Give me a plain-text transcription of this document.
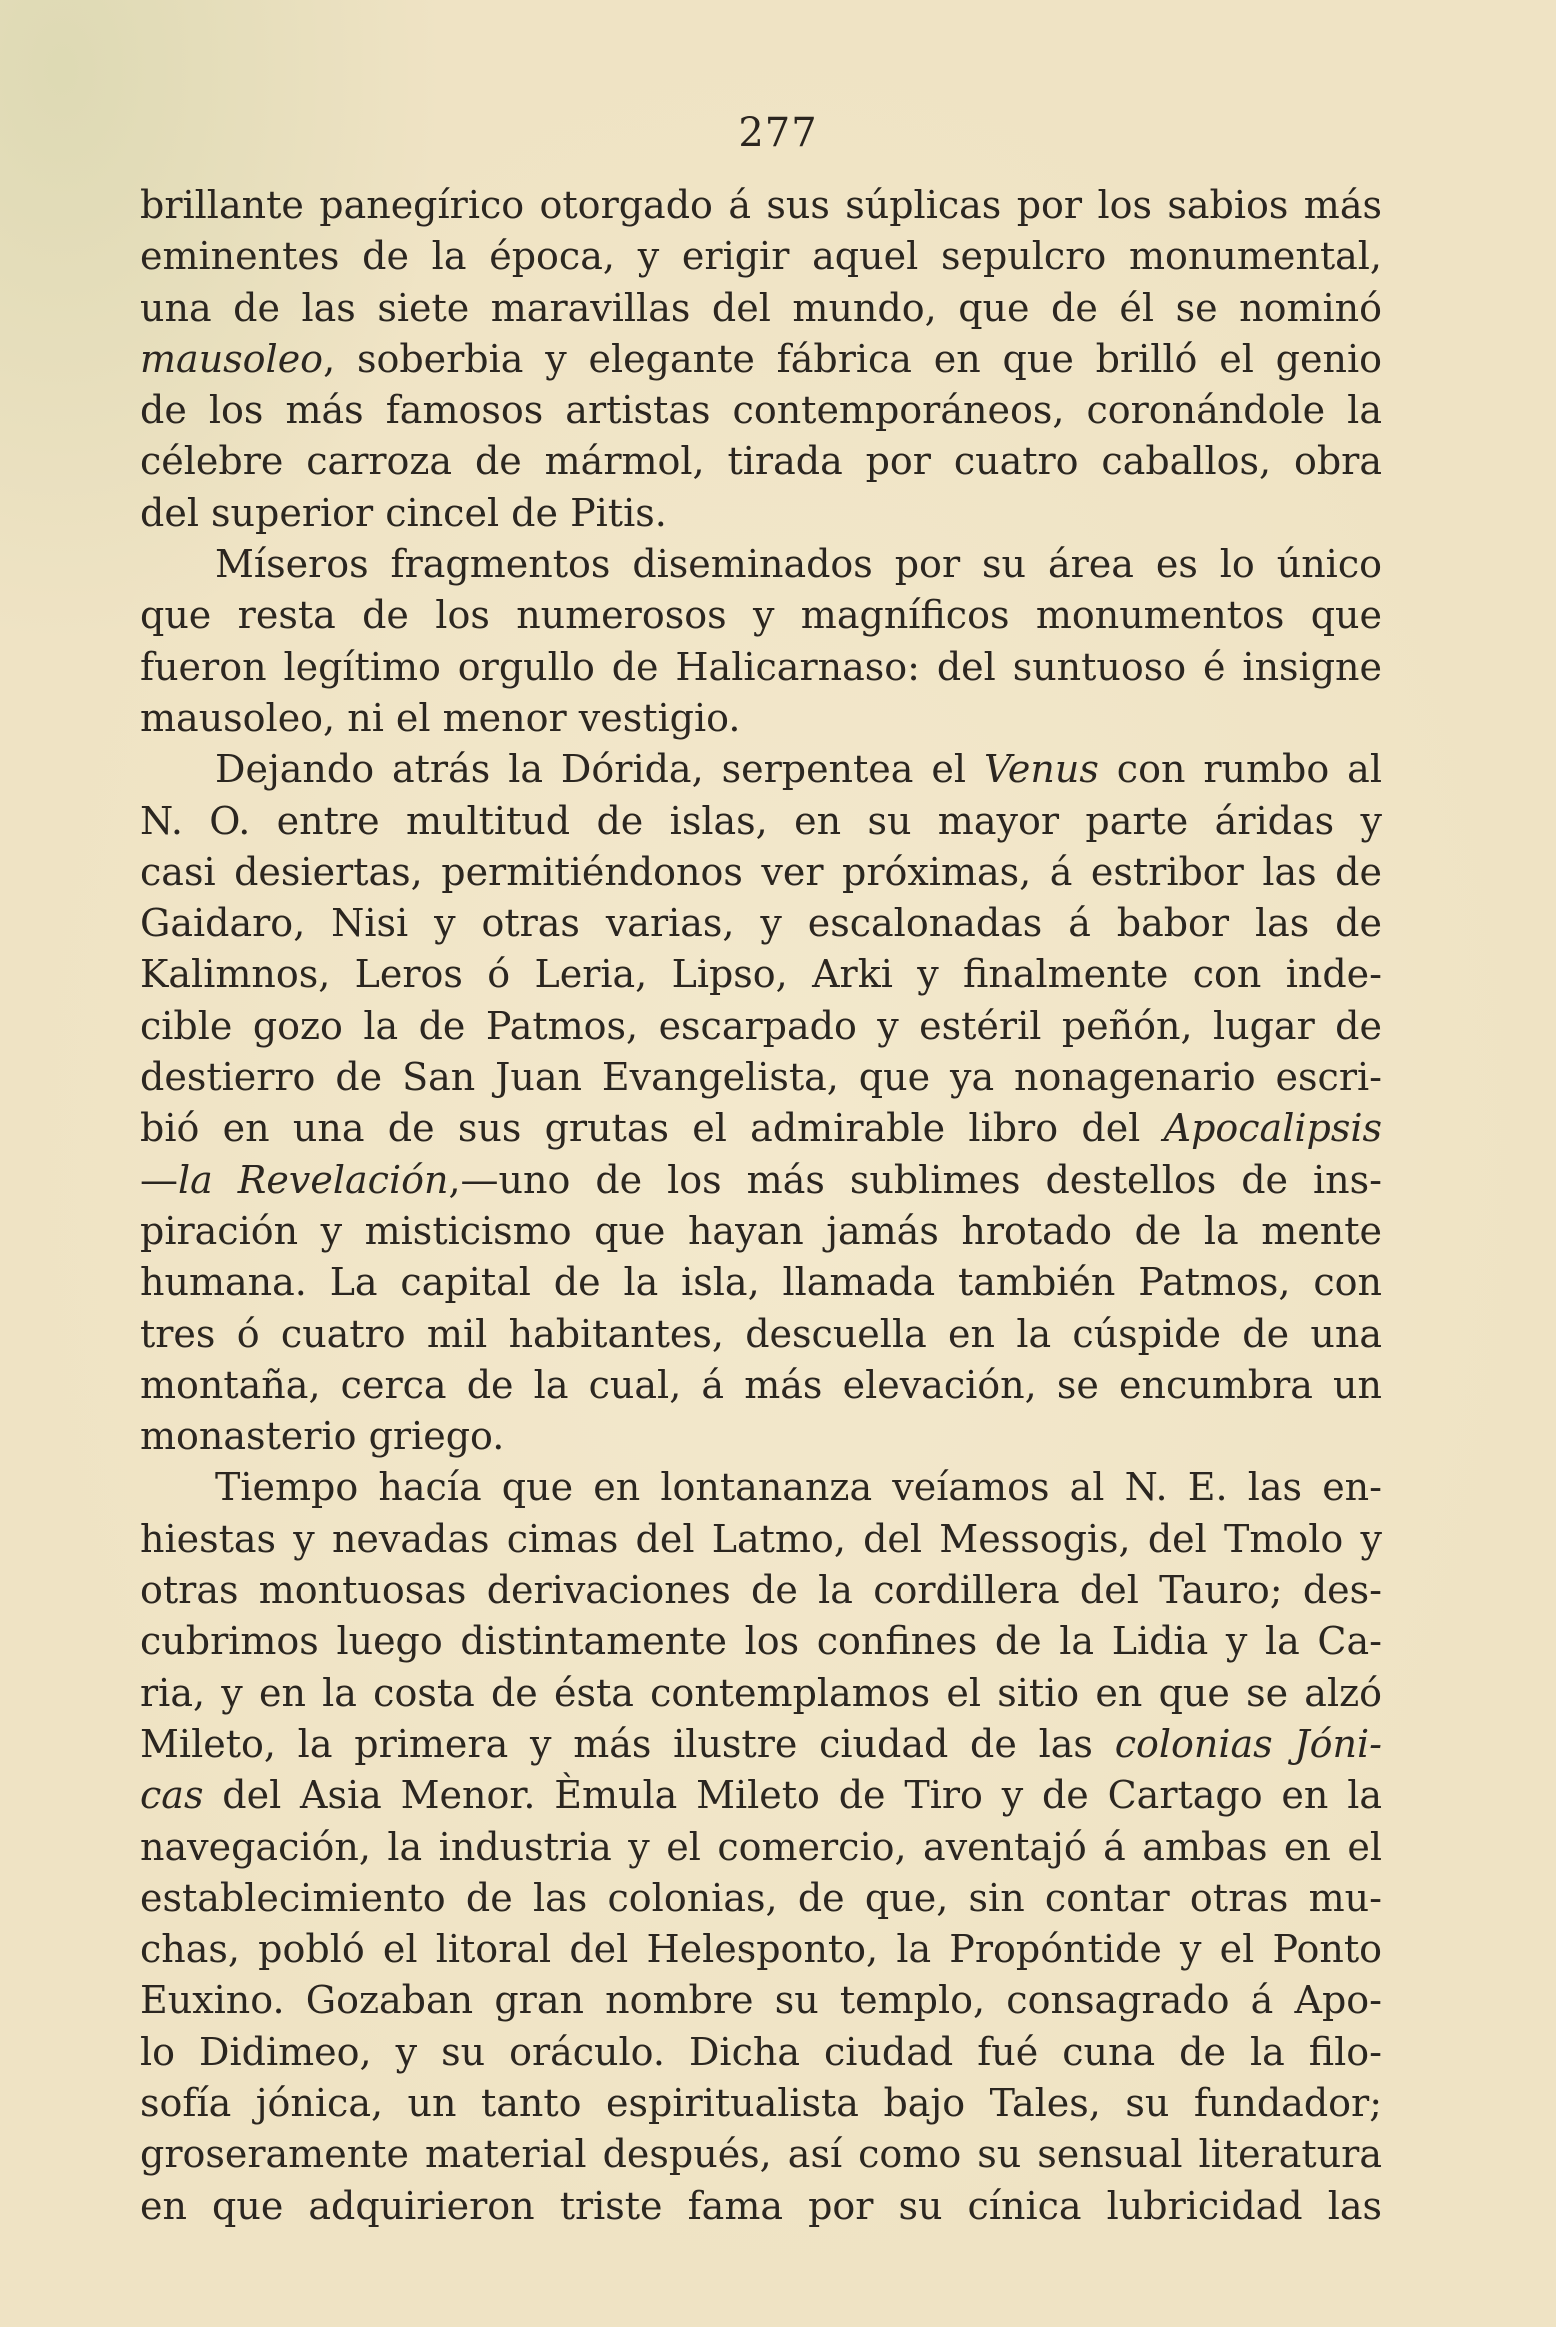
277
brillante panegírico otorgado á sus súplicas por los sabios más
eminentes de la época, y erigir aquel sepulcro monumental,
una de las siete maravillas del mundo, que de él se nominó
mausoleo, soberbia y elegante fábrica en que brilló el genio
de los más famosos artistas contemporáneos, coronándole la
célebre carroza de mármol, tirada por cuatro caballos, obra
del superior cincel de Pitis.
Míseros fragmentos diseminados por su área es lo único
que resta de los numerosos y magníficos monumentos que
fueron legítimo orgullo de Halicarnaso: del suntuoso é insigne
mausoleo, ni el menor vestigio.
Dejando atrás la Dórida, serpentea el Venus con rumbo al
N. O. entre multitud de islas, en su mayor parte áridas y
casi desiertas, permitiéndonos ver próximas, á estribor las de
Gaidaro, Nisi y otras varias, y escalonadas á babor las de
Kalimnos, Leros ó Leria, Lipso, Arki y finalmente con inde-
cible gozo la de Patmos, escarpado y estéril peñón, lugar de
destierro de San Juan Evangelista, que ya nonagenario escri-
bió en una de sus grutas el admirable libro del Apocalipsis
—la Revelación,—uno de los más sublimes destellos de ins-
piración y misticismo que hayan jamás hrotado de la mente
humana. La capital de la isla, llamada también Patmos, con
tres ó cuatro mil habitantes, descuella en la cúspide de una
montaña, cerca de la cual, á más elevación, se encumbra un
monasterio griego.
Tiempo hacía que en lontananza veíamos al N. E. las en-
hiestas y nevadas cimas del Latmo, del Messogis, del Tmolo y
otras montuosas derivaciones de la cordillera del Tauro; des-
cubrimos luego distintamente los confines de la Lidia y la Ca-
ria, y en la costa de ésta contemplamos el sitio en que se alzó
Mileto, la primera y más ilustre ciudad de las colonias Jóni-
cas del Asia Menor. Èmula Mileto de Tiro y de Cartago en la
navegación, la industria y el comercio, aventajó á ambas en el
establecimiento de las colonias, de que, sin contar otras mu-
chas, pobló el litoral del Helesponto, la Propóntide y el Ponto
Euxino. Gozaban gran nombre su templo, consagrado á Apo-
lo Didimeo, y su oráculo. Dicha ciudad fué cuna de la filo-
sofía jónica, un tanto espiritualista bajo Tales, su fundador;
groseramente material después, así como su sensual literatura
en que adquirieron triste fama por su cínica lubricidad las
